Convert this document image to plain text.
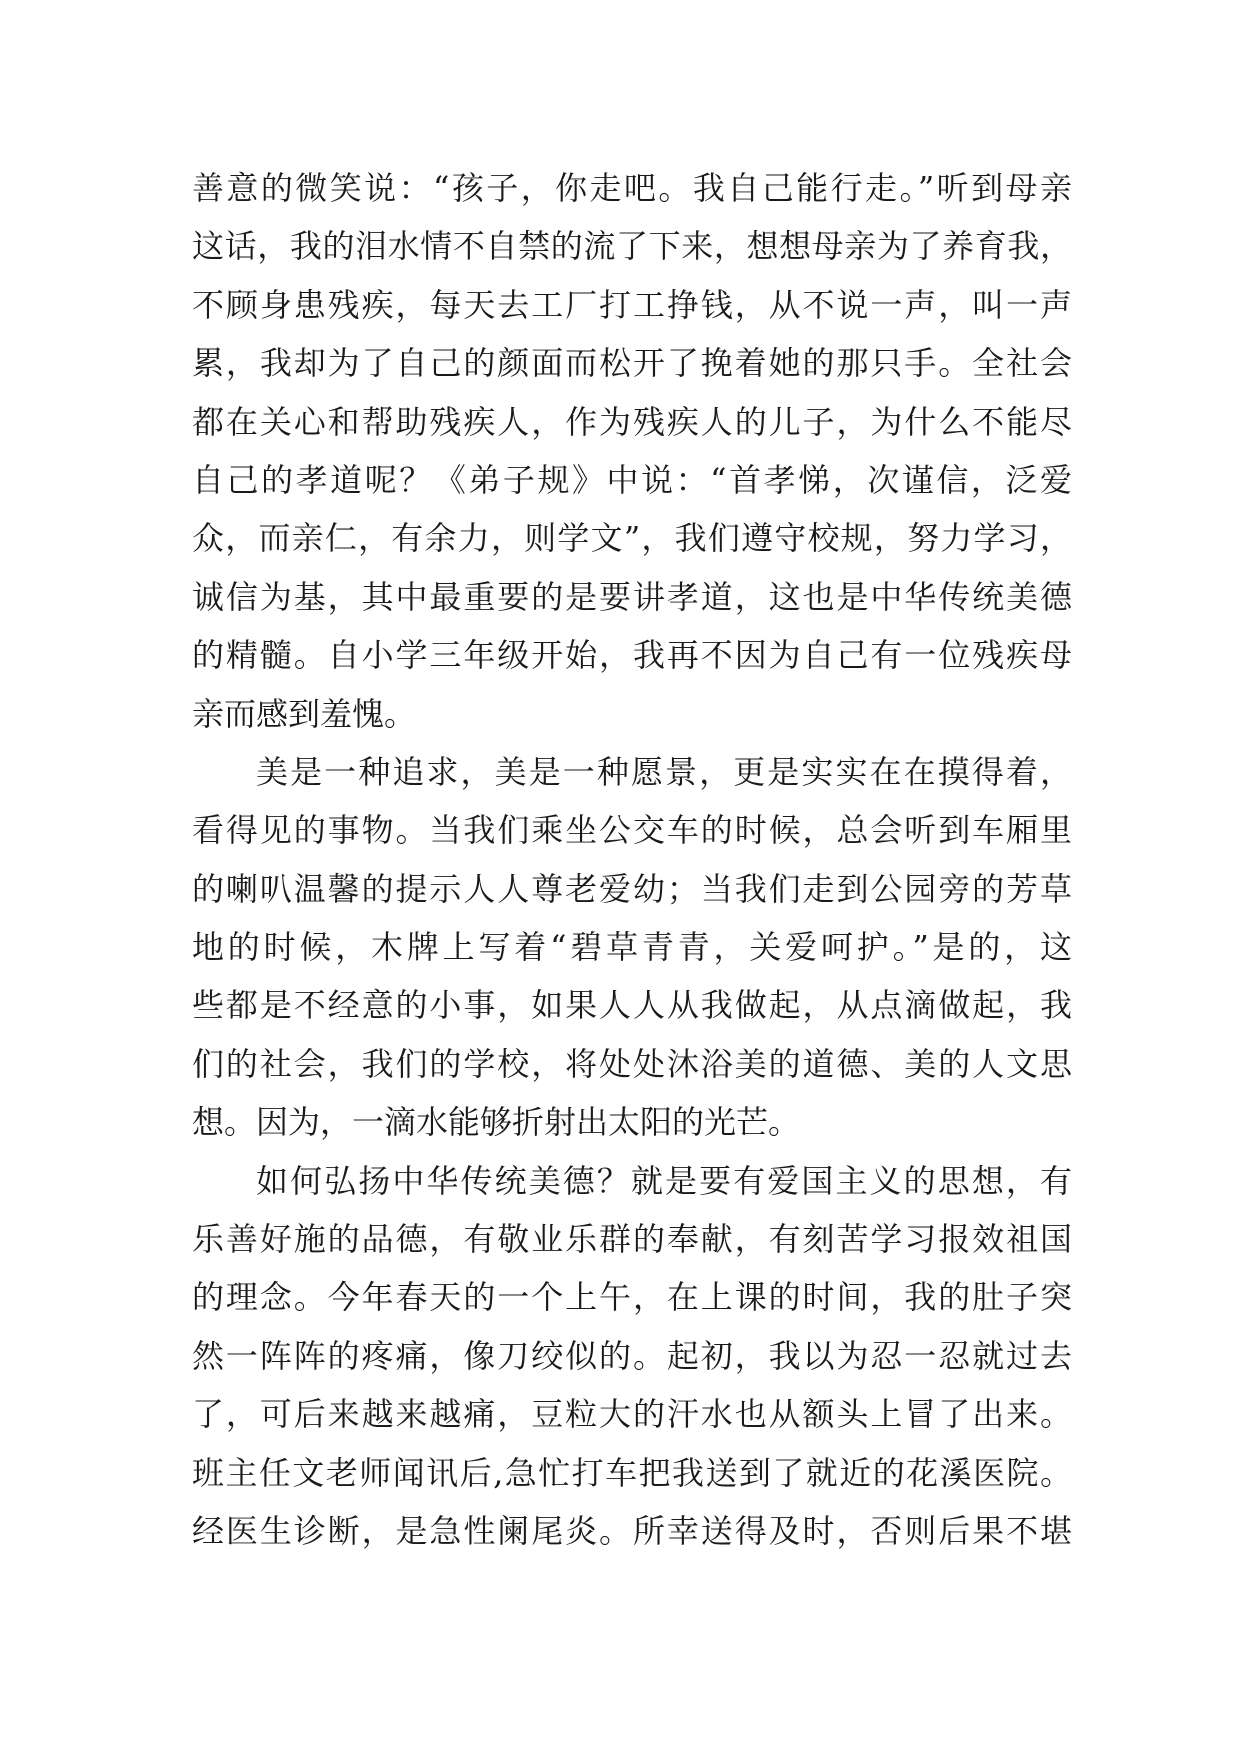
善意的微笑说：“孩子，你走吧。我自己能行走。”听到母亲
这话，我的泪水情不自禁的流了下来，想想母亲为了养育我，
不顾身患残疾，每天去工厂打工挣钱，从不说一声，叫一声
累，我却为了自己的颜面而松开了挽着她的那只手。全社会
都在关心和帮助残疾人，作为残疾人的儿子，为什么不能尽
自己的孝道呢？《弟子规》中说：“首孝悌，次谨信，泛爱
众，而亲仁，有余力，则学文”，我们遵守校规，努力学习，
诚信为基，其中最重要的是要讲孝道，这也是中华传统美德
的精髓。自小学三年级开始，我再不因为自己有一位残疾母
亲而感到羞愧。
美是一种追求，美是一种愿景，更是实实在在摸得着，
看得见的事物。当我们乘坐公交车的时候，总会听到车厢里
的喇叭温馨的提示人人尊老爱幼；当我们走到公园旁的芳草
地的时候，木牌上写着“碧草青青，关爱呵护。”是的，这
些都是不经意的小事，如果人人从我做起，从点滴做起，我
们的社会，我们的学校，将处处沐浴美的道德、美的人文思
想。因为，一滴水能够折射出太阳的光芒。
如何弘扬中华传统美德？就是要有爱国主义的思想，有
乐善好施的品德，有敬业乐群的奉献，有刻苦学习报效祖国
的理念。今年春天的一个上午，在上课的时间，我的肚子突
然一阵阵的疼痛，像刀绞似的。起初，我以为忍一忍就过去
了，可后来越来越痛，豆粒大的汗水也从额头上冒了出来。
班主任文老师闻讯后,急忙打车把我送到了就近的花溪医院。
经医生诊断，是急性阑尾炎。所幸送得及时，否则后果不堪
